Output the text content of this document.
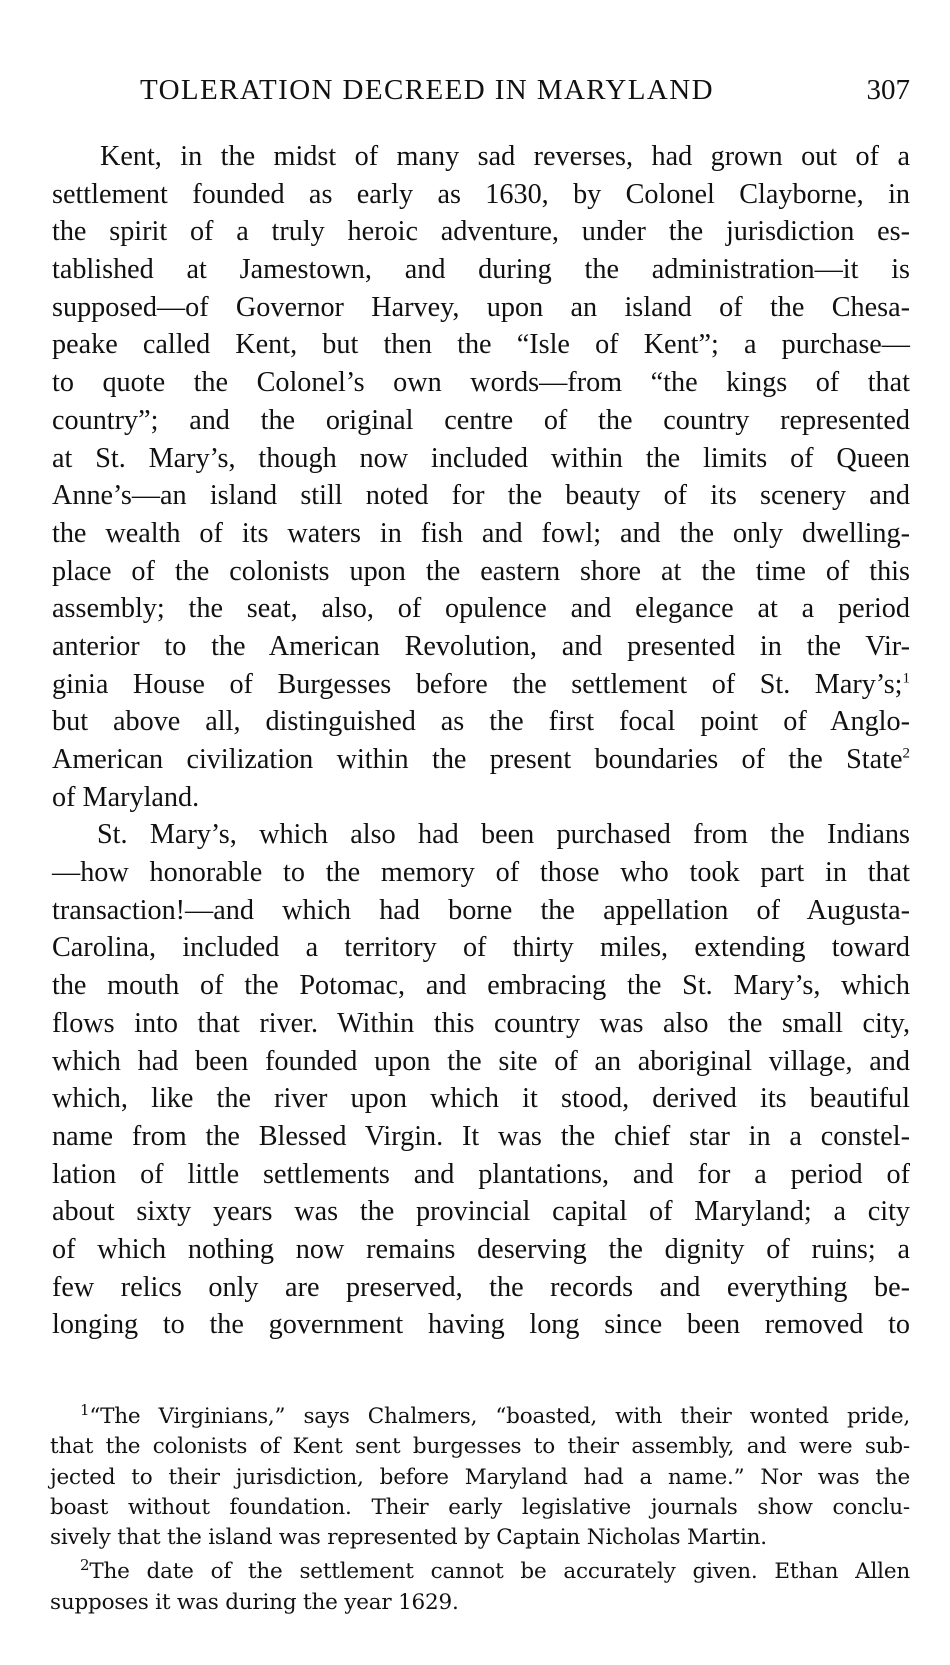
TOLERATION DECREED IN MARYLAND	307
Kent, in the midst of many sad reverses, had grown out of a
settlement founded as early as 1630, by Colonel Clayborne, in
the spirit of a truly heroic adventure, under the jurisdiction es-
tablished at Jamestown, and during the administration—it is
supposed—of Governor Harvey, upon an island of the Chesa-
peake called Kent, but then the “Isle of Kent”; a purchase—
to quote the Colonel’s own words—from “the kings of that
country”; and the original centre of the country represented
at St. Mary’s, though now included within the limits of Queen
Anne’s—an island still noted for the beauty of its scenery and
the wealth of its waters in fish and fowl; and the only dwelling-
place of the colonists upon the eastern shore at the time of this
assembly; the seat, also, of opulence and elegance at a period
anterior to the American Revolution, and presented in the Vir-
ginia House of Burgesses before the settlement of St. Mary’s;$^1$
but above all, distinguished as the first focal point of Anglo-
American civilization within the present boundaries of the State$^2$
of Maryland.
St. Mary’s, which also had been purchased from the Indians
—how honorable to the memory of those who took part in that
transaction!—and which had borne the appellation of Augusta-
Carolina, included a territory of thirty miles, extending toward
the mouth of the Potomac, and embracing the St. Mary’s, which
flows into that river. Within this country was also the small city,
which had been founded upon the site of an aboriginal village, and
which, like the river upon which it stood, derived its beautiful
name from the Blessed Virgin. It was the chief star in a constel-
lation of little settlements and plantations, and for a period of
about sixty years was the provincial capital of Maryland; a city
of which nothing now remains deserving the dignity of ruins; a
few relics only are preserved, the records and everything be-
longing to the government having long since been removed to
$^1$“The Virginians,” says Chalmers, “boasted, with their wonted pride,
that the colonists of Kent sent burgesses to their assembly, and were sub-
jected to their jurisdiction, before Maryland had a name.” Nor was the
boast without foundation. Their early legislative journals show conclu-
sively that the island was represented by Captain Nicholas Martin.
$^2$The date of the settlement cannot be accurately given. Ethan Allen
supposes it was during the year 1629.
